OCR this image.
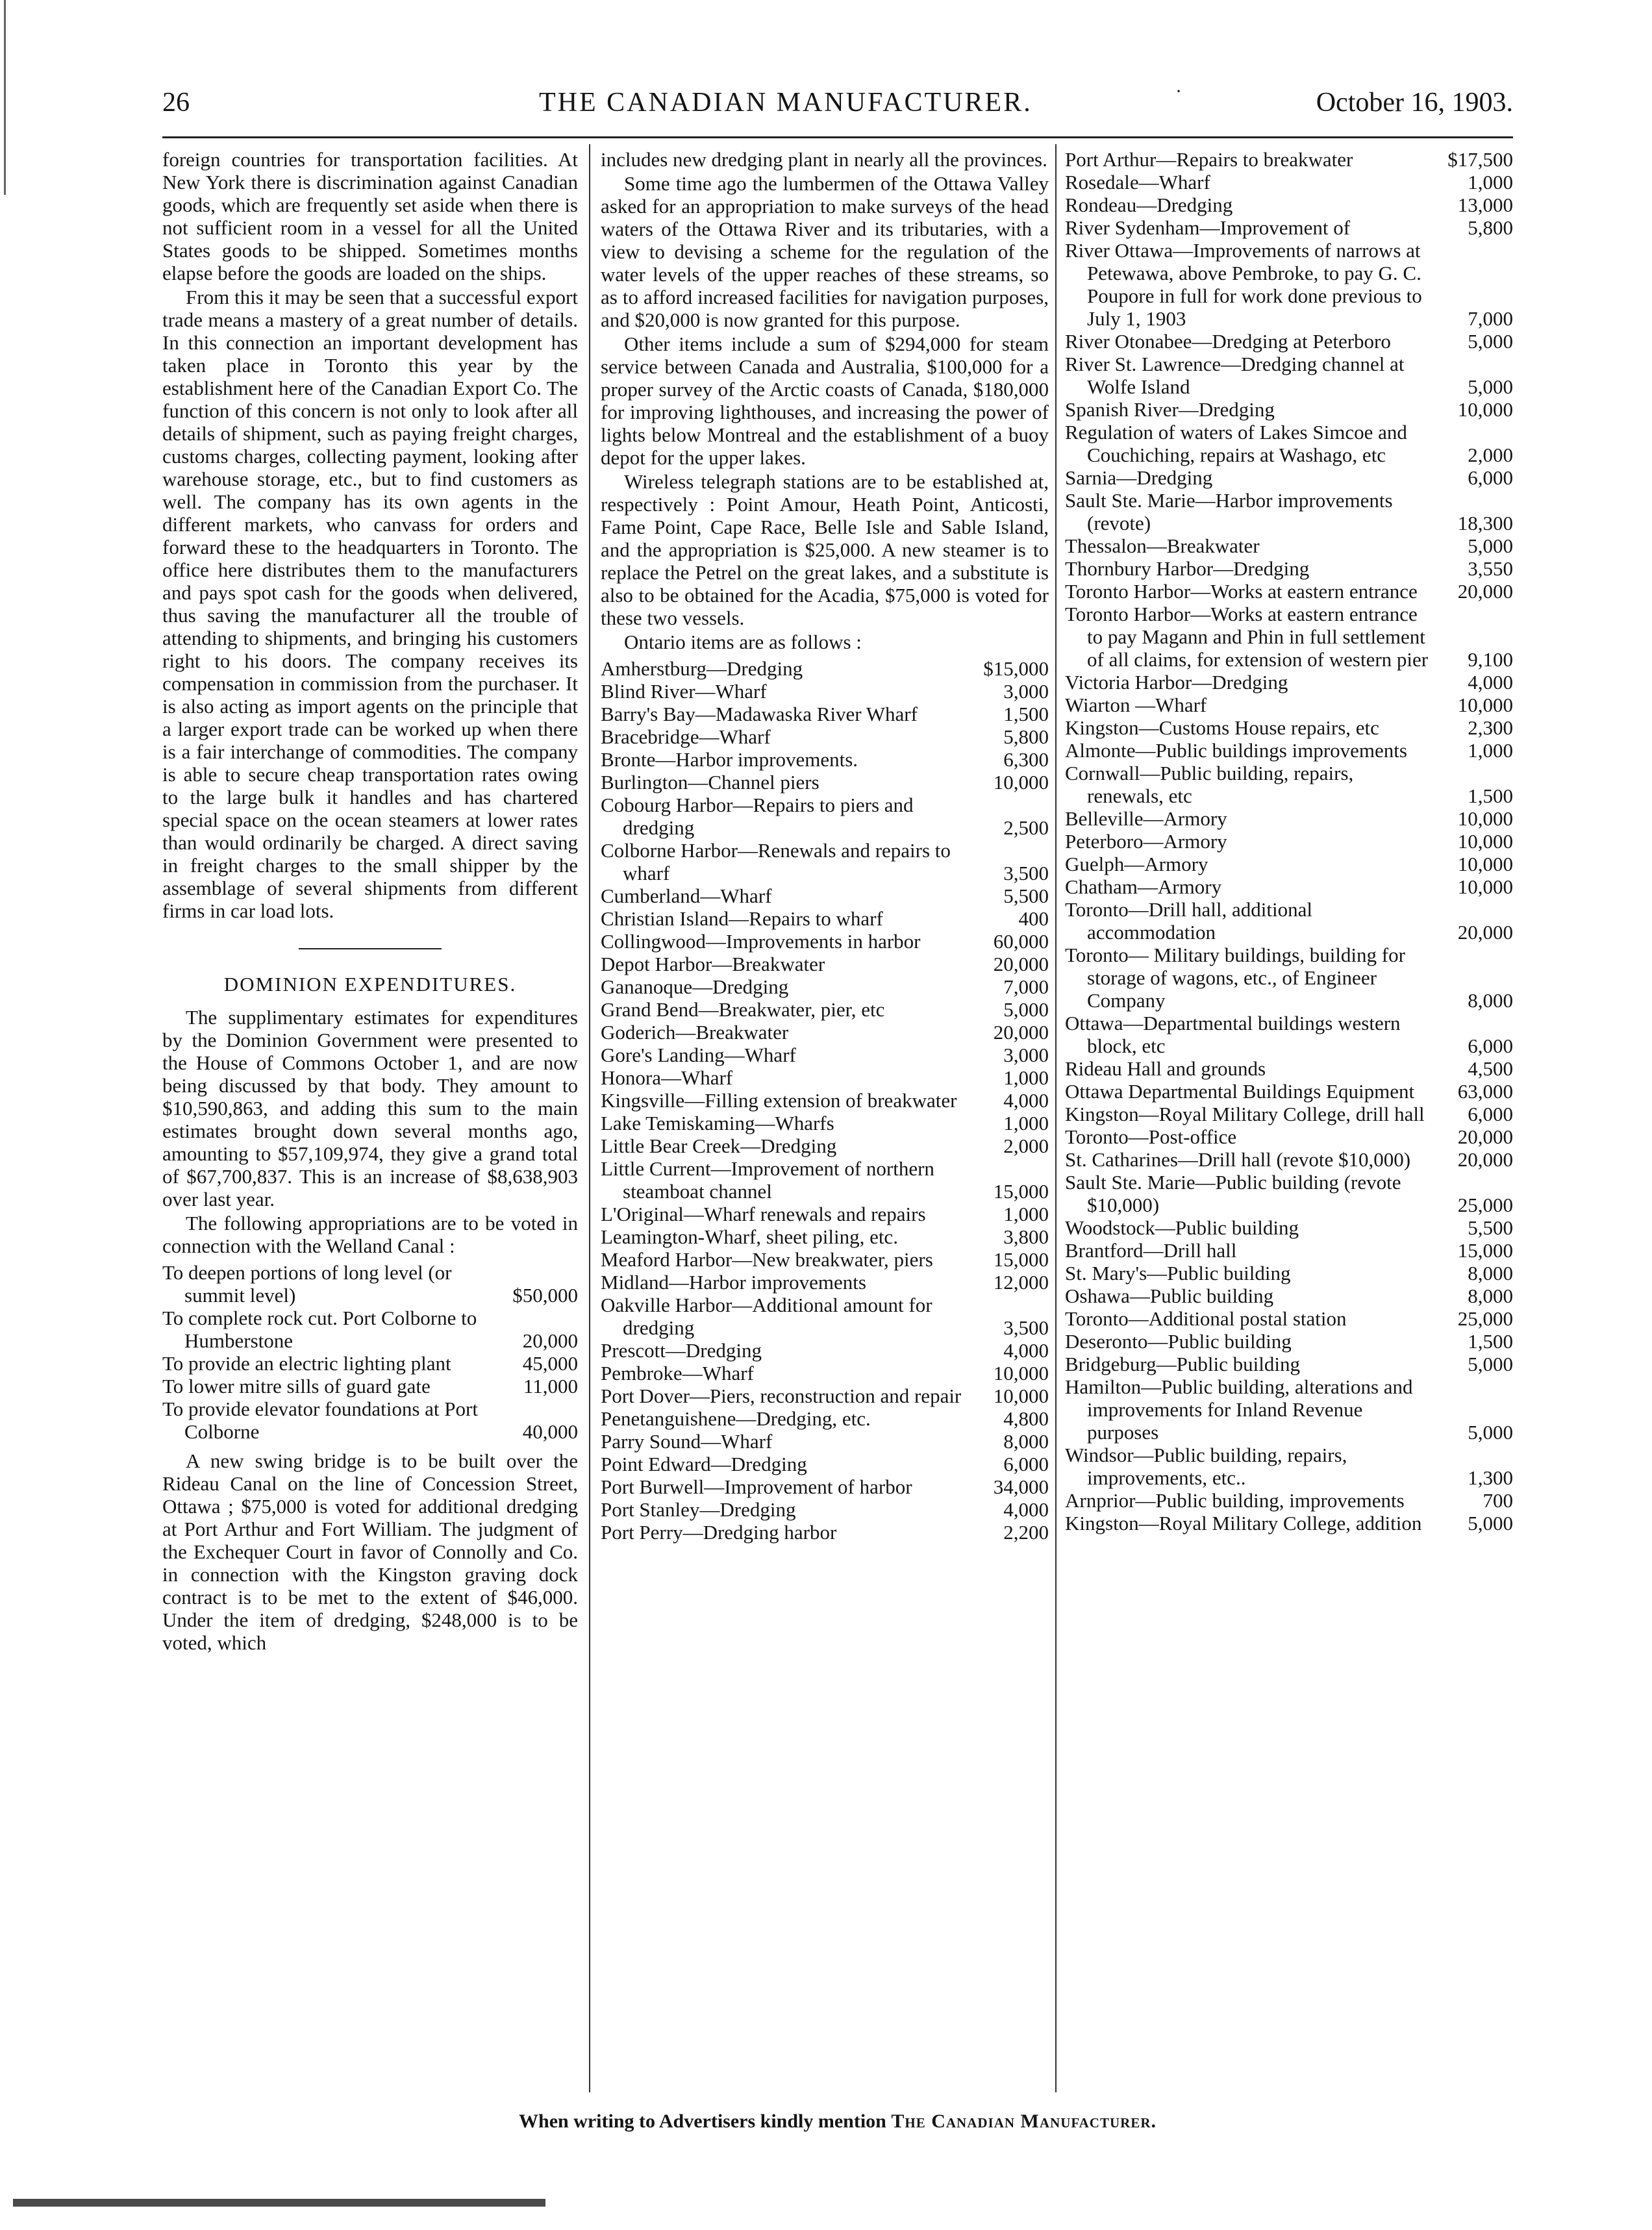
26	THE CANADIAN MANUFACTURER.	·	October 16, 1903.

foreign countries for transportation facilities. At New York there is discrimination against Canadian goods, which are frequently set aside when there is not sufficient room in a vessel for all the United States goods to be shipped. Sometimes months elapse before the goods are loaded on the ships.

From this it may be seen that a successful export trade means a mastery of a great number of details. In this connection an important development has taken place in Toronto this year by the establishment here of the Canadian Export Co. The function of this concern is not only to look after all details of shipment, such as paying freight charges, customs charges, collecting payment, looking after warehouse storage, etc., but to find customers as well. The company has its own agents in the different markets, who canvass for orders and forward these to the headquarters in Toronto. The office here distributes them to the manufacturers and pays spot cash for the goods when delivered, thus saving the manufacturer all the trouble of attending to shipments, and bringing his customers right to his doors. The company receives its compensation in commission from the purchaser. It is also acting as import agents on the principle that a larger export trade can be worked up when there is a fair interchange of commodities. The company is able to secure cheap transportation rates owing to the large bulk it handles and has chartered special space on the ocean steamers at lower rates than would ordinarily be charged. A direct saving in freight charges to the small shipper by the assemblage of several shipments from different firms in car load lots.

DOMINION EXPENDITURES.

The supplimentary estimates for expenditures by the Dominion Government were presented to the House of Commons October 1, and are now being discussed by that body. They amount to $10,590,863, and adding this sum to the main estimates brought down several months ago, amounting to $57,109,974, they give a grand total of $67,700,837. This is an increase of $8,638,903 over last year.

The following appropriations are to be voted in connection with the Welland Canal :

To deepen portions of long level (or summit level)	$50,000
To complete rock cut. Port Colborne to Humberstone	20,000
To provide an electric lighting plant	45,000
To lower mitre sills of guard gate	11,000
To provide elevator foundations at Port Colborne	40,000

A new swing bridge is to be built over the Rideau Canal on the line of Concession Street, Ottawa ; $75,000 is voted for additional dredging at Port Arthur and Fort William. The judgment of the Exchequer Court in favor of Connolly and Co. in connection with the Kingston graving dock contract is to be met to the extent of $46,000. Under the item of dredging, $248,000 is to be voted, which

includes new dredging plant in nearly all the provinces.

Some time ago the lumbermen of the Ottawa Valley asked for an appropriation to make surveys of the head waters of the Ottawa River and its tributaries, with a view to devising a scheme for the regulation of the water levels of the upper reaches of these streams, so as to afford increased facilities for navigation purposes, and $20,000 is now granted for this purpose.

Other items include a sum of $294,000 for steam service between Canada and Australia, $100,000 for a proper survey of the Arctic coasts of Canada, $180,000 for improving lighthouses, and increasing the power of lights below Montreal and the establishment of a buoy depot for the upper lakes.

Wireless telegraph stations are to be established at, respectively : Point Amour, Heath Point, Anticosti, Fame Point, Cape Race, Belle Isle and Sable Island, and the appropriation is $25,000. A new steamer is to replace the Petrel on the great lakes, and a substitute is also to be obtained for the Acadia, $75,000 is voted for these two vessels.

Ontario items are as follows :

Amherstburg—Dredging	$15,000
Blind River—Wharf	3,000
Barry's Bay—Madawaska River Wharf	1,500
Bracebridge—Wharf	5,800
Bronte—Harbor improvements.	6,300
Burlington—Channel piers	10,000
Cobourg Harbor—Repairs to piers and dredging	2,500
Colborne Harbor—Renewals and repairs to wharf	3,500
Cumberland—Wharf	5,500
Christian Island—Repairs to wharf	400
Collingwood—Improvements in harbor	60,000
Depot Harbor—Breakwater	20,000
Gananoque—Dredging	7,000
Grand Bend—Breakwater, pier, etc	5,000
Goderich—Breakwater	20,000
Gore's Landing—Wharf	3,000
Honora—Wharf	1,000
Kingsville—Filling extension of breakwater	4,000
Lake Temiskaming—Wharfs	1,000
Little Bear Creek—Dredging	2,000
Little Current—Improvement of northern steamboat channel	15,000
L'Original—Wharf renewals and repairs	1,000
Leamington-Wharf, sheet piling, etc.	3,800
Meaford Harbor—New breakwater, piers	15,000
Midland—Harbor improvements	12,000
Oakville Harbor—Additional amount for dredging	3,500
Prescott—Dredging	4,000
Pembroke—Wharf	10,000
Port Dover—Piers, reconstruction and repair	10,000
Penetanguishene—Dredging, etc.	4,800
Parry Sound—Wharf	8,000
Point Edward—Dredging	6,000
Port Burwell—Improvement of harbor	34,000
Port Stanley—Dredging	4,000
Port Perry—Dredging harbor	2,200
Port Arthur—Repairs to breakwater	$17,500
Rosedale—Wharf	1,000
Rondeau—Dredging	13,000
River Sydenham—Improvement of	5,800
River Ottawa—Improvements of narrows at Petewawa, above Pembroke, to pay G. C. Poupore in full for work done previous to July 1, 1903	7,000
River Otonabee—Dredging at Peterboro	5,000
River St. Lawrence—Dredging channel at Wolfe Island	5,000
Spanish River—Dredging	10,000
Regulation of waters of Lakes Simcoe and Couchiching, repairs at Washago, etc	2,000
Sarnia—Dredging	6,000
Sault Ste. Marie—Harbor improvements (revote)	18,300
Thessalon—Breakwater	5,000
Thornbury Harbor—Dredging	3,550
Toronto Harbor—Works at eastern entrance	20,000
Toronto Harbor—Works at eastern entrance to pay Magann and Phin in full settlement of all claims, for extension of western pier	9,100
Victoria Harbor—Dredging	4,000
Wiarton —Wharf	10,000
Kingston—Customs House repairs, etc	2,300
Almonte—Public buildings improvements	1,000
Cornwall—Public building, repairs, renewals, etc	1,500
Belleville—Armory	10,000
Peterboro—Armory	10,000
Guelph—Armory	10,000
Chatham—Armory	10,000
Toronto—Drill hall, additional accommodation	20,000
Toronto— Military buildings, building for storage of wagons, etc., of Engineer Company	8,000
Ottawa—Departmental buildings western block, etc	6,000
Rideau Hall and grounds	4,500
Ottawa Departmental Buildings Equipment	63,000
Kingston—Royal Military College, drill hall	6,000
Toronto—Post-office	20,000
St. Catharines—Drill hall (revote $10,000)	20,000
Sault Ste. Marie—Public building (revote $10,000)	25,000
Woodstock—Public building	5,500
Brantford—Drill hall	15,000
St. Mary's—Public building	8,000
Oshawa—Public building	8,000
Toronto—Additional postal station	25,000
Deseronto—Public building	1,500
Bridgeburg—Public building	5,000
Hamilton—Public building, alterations and improvements for Inland Revenue purposes	5,000
Windsor—Public building, repairs, improvements, etc..	1,300
Arnprior—Public building, improvements	700
Kingston—Royal Military College, addition	5,000
When writing to Advertisers kindly mention The Canadian Manufacturer.
